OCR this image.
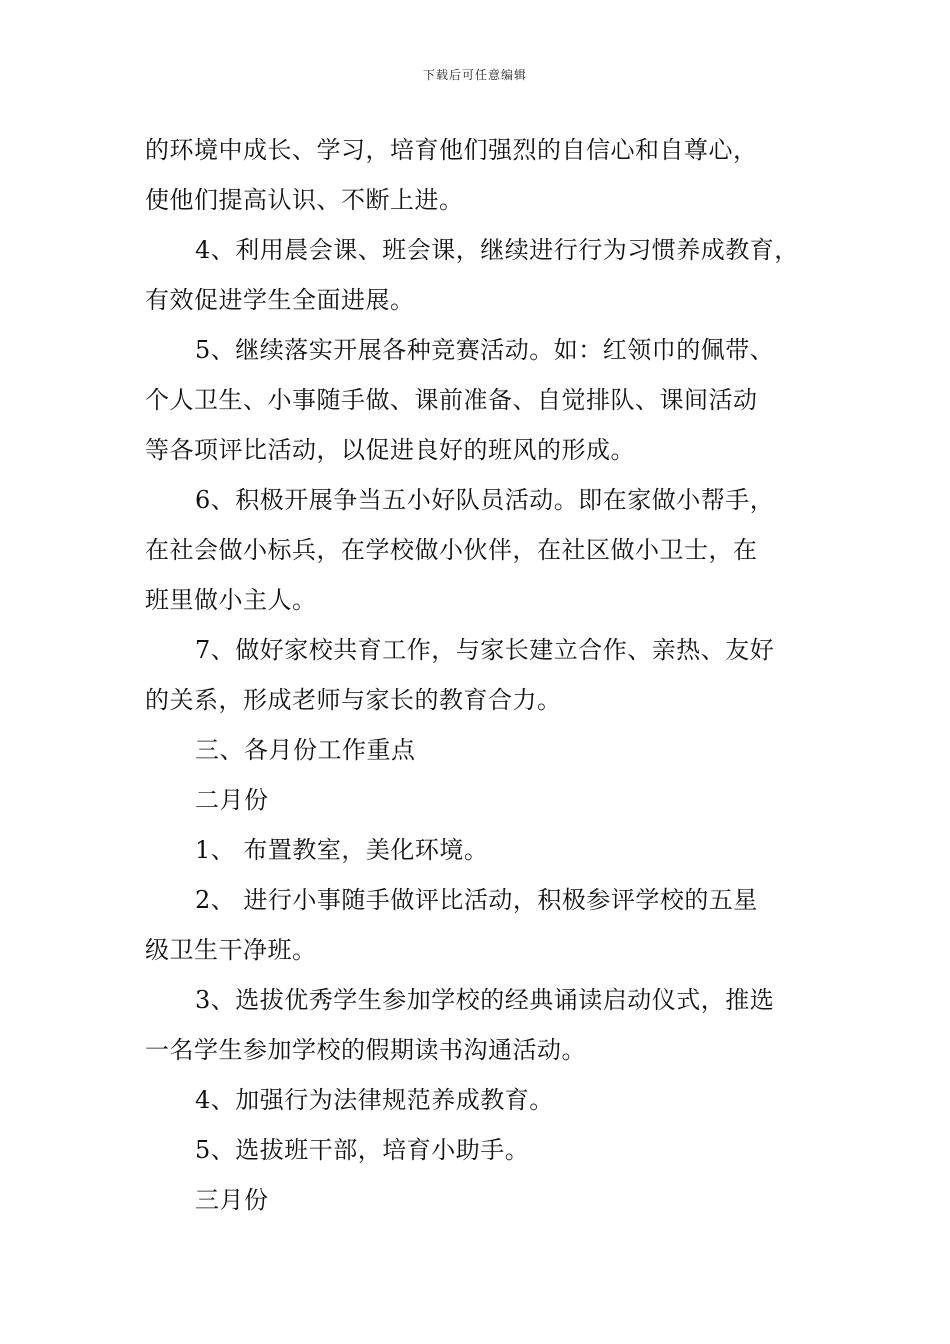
下载后可任意编辑
的环境中成长、学习，培育他们强烈的自信心和自尊心，
使他们提高认识、不断上进。
4、利用晨会课、班会课，继续进行行为习惯养成教育，
有效促进学生全面进展。
5、继续落实开展各种竞赛活动。如：红领巾的佩带、
个人卫生、小事随手做、课前准备、自觉排队、课间活动
等各项评比活动，以促进良好的班风的形成。
6、积极开展争当五小好队员活动。即在家做小帮手，
在社会做小标兵，在学校做小伙伴，在社区做小卫士，在
班里做小主人。
7、做好家校共育工作，与家长建立合作、亲热、友好
的关系，形成老师与家长的教育合力。
三、各月份工作重点
二月份
1、 布置教室，美化环境。
2、 进行小事随手做评比活动，积极参评学校的五星
级卫生干净班。
3、选拔优秀学生参加学校的经典诵读启动仪式，推选
一名学生参加学校的假期读书沟通活动。
4、加强行为法律规范养成教育。
5、选拔班干部，培育小助手。
三月份
